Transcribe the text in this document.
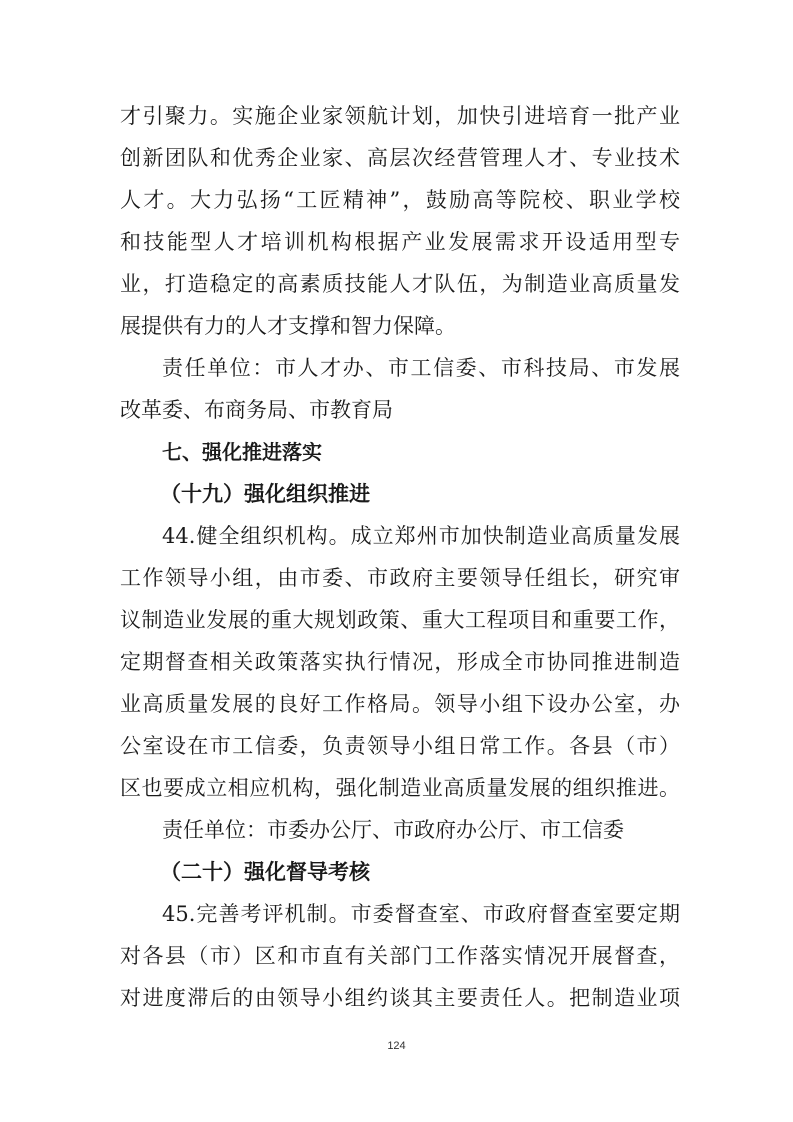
才引聚力。实施企业家领航计划，加快引进培育一批产业
创新团队和优秀企业家、高层次经营管理人才、专业技术
人才。大力弘扬“工匠精神”，鼓励高等院校、职业学校
和技能型人才培训机构根据产业发展需求开设适用型专
业，打造稳定的高素质技能人才队伍，为制造业高质量发
展提供有力的人才支撑和智力保障。
责任单位：市人才办、市工信委、市科技局、市发展
改革委、布商务局、市教育局
七、强化推进落实
（十九）强化组织推进
44.健全组织机构。成立郑州市加快制造业高质量发展
工作领导小组，由市委、市政府主要领导任组长，研究审
议制造业发展的重大规划政策、重大工程项目和重要工作，
定期督查相关政策落实执行情况，形成全市协同推进制造
业高质量发展的良好工作格局。领导小组下设办公室，办
公室设在市工信委，负责领导小组日常工作。各县（市）
区也要成立相应机构，强化制造业高质量发展的组织推进。
责任单位：市委办公厅、市政府办公厅、市工信委
（二十）强化督导考核
45.完善考评机制。市委督查室、市政府督查室要定期
对各县（市）区和市直有关部门工作落实情况开展督查，
对进度滞后的由领导小组约谈其主要责任人。把制造业项
124
